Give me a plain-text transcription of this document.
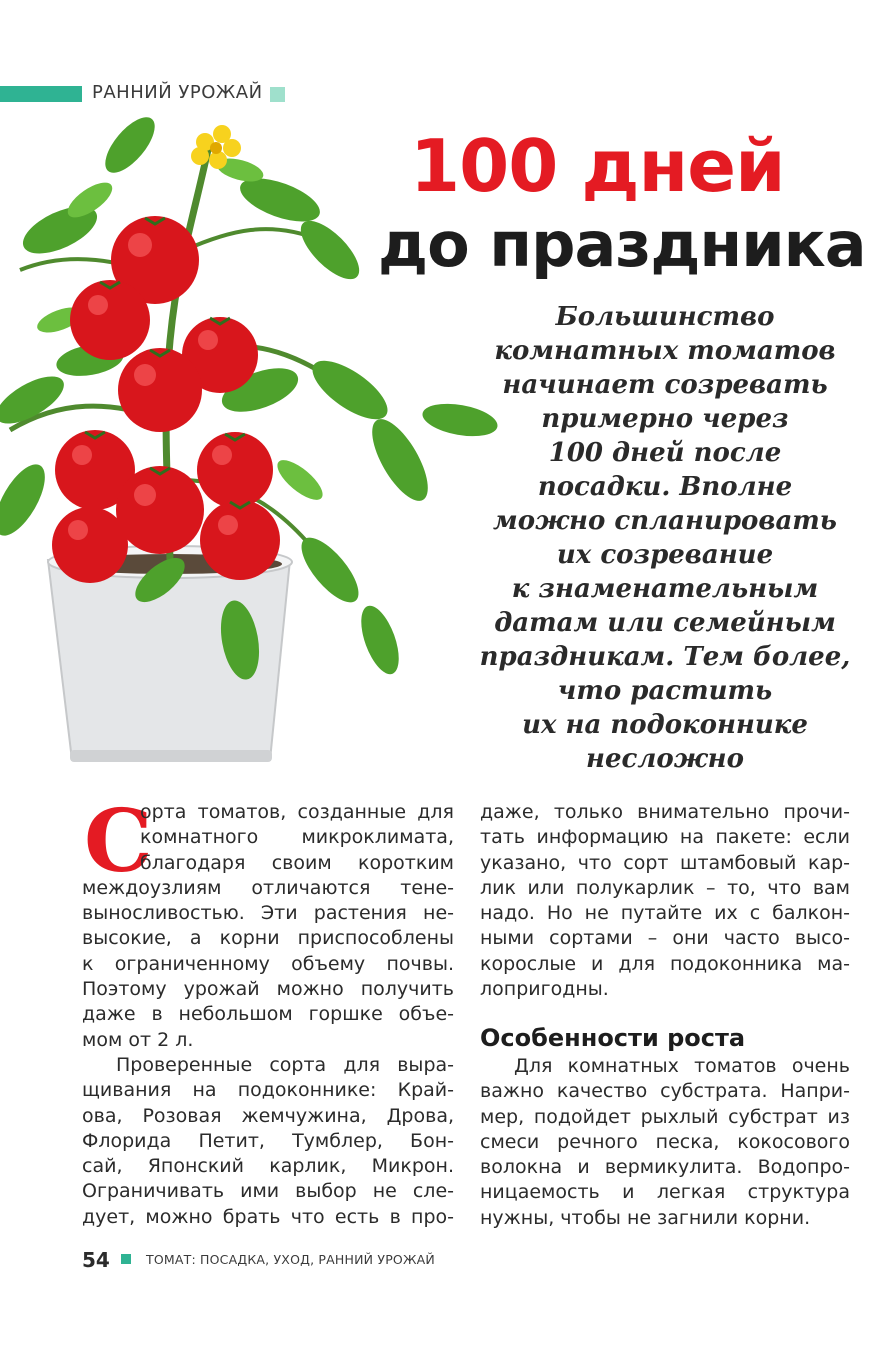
РАННИЙ УРОЖАЙ
100 дней
до праздника
Большинство
комнатных томатов
начинает созревать
примерно через
100 дней после
посадки. Вполне
можно спланировать
их созревание
к знаменательным
датам или семейным
праздникам. Тем более,
что растить
их на подоконнике
несложно
С
орта томатов, созданные для
комнатного микроклимата,
благодаря своим коротким
междоузлиям отличаются тене-
выносливостью. Эти растения не-
высокие, а корни приспособлены
к ограниченному объему почвы.
Поэтому урожай можно получить
даже в небольшом горшке объе-
мом от 2 л.
Проверенные сорта для выра-
щивания на подоконнике: Край-
ова, Розовая жемчужина, Дрова,
Флорида Петит, Тумблер, Бон-
сай, Японский карлик, Микрон.
Ограничивать ими выбор не сле-
дует, можно брать что есть в про-
даже, только внимательно прочи-
тать информацию на пакете: если
указано, что сорт штамбовый кар-
лик или полукарлик – то, что вам
надо. Но не путайте их с балкон-
ными сортами – они часто высо-
корослые и для подоконника ма-
лопригодны.
Особенности роста
Для комнатных томатов очень
важно качество субстрата. Напри-
мер, подойдет рыхлый субстрат из
смеси речного песка, кокосового
волокна и вермикулита. Водопро-
ницаемость и легкая структура
нужны, чтобы не загнили корни.
54	ТОМАТ: ПОСАДКА, УХОД, РАННИЙ УРОЖАЙ
